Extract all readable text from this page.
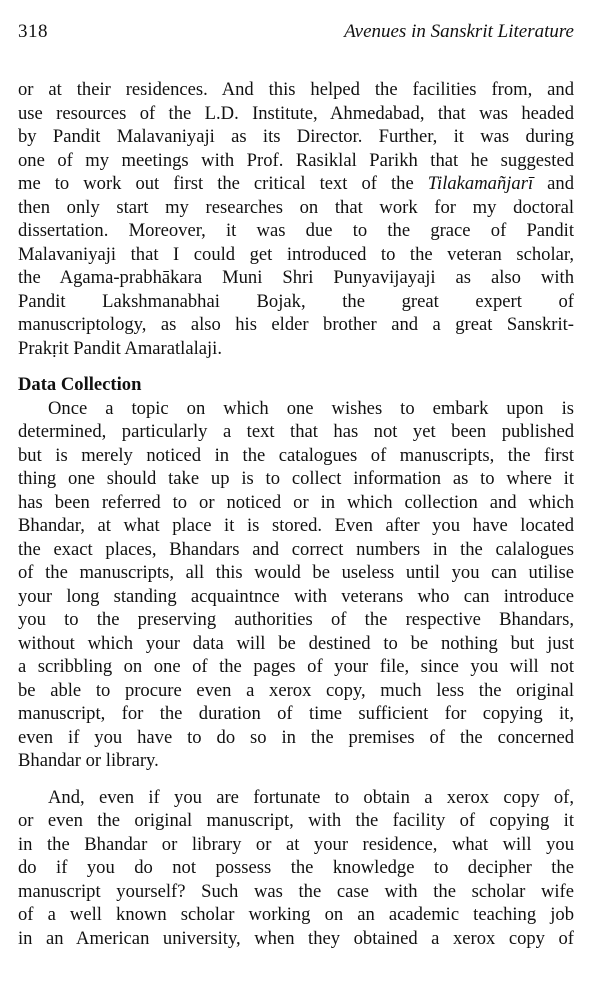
318	Avenues in Sanskrit Literature
or at their residences. And this helped the facilities from, and
use resources of the L.D. Institute, Ahmedabad, that was headed
by Pandit Malavaniyaji as its Director. Further, it was during
one of my meetings with Prof. Rasiklal Parikh that he suggested
me to work out first the critical text of the Tilakamañjarī and
then only start my researches on that work for my doctoral
dissertation. Moreover, it was due to the grace of Pandit
Malavaniyaji that I could get introduced to the veteran scholar,
the Agama-prabhākara Muni Shri Punyavijayaji as also with
Pandit Lakshmanabhai Bojak, the great expert of
manuscriptology, as also his elder brother and a great Sanskrit-
Prakṛit Pandit Amaratlalaji.
Data Collection
Once a topic on which one wishes to embark upon is
determined, particularly a text that has not yet been published
but is merely noticed in the catalogues of manuscripts, the first
thing one should take up is to collect information as to where it
has been referred to or noticed or in which collection and which
Bhandar, at what place it is stored. Even after you have located
the exact places, Bhandars and correct numbers in the calalogues
of the manuscripts, all this would be useless until you can utilise
your long standing acquaintnce with veterans who can introduce
you to the preserving authorities of the respective Bhandars,
without which your data will be destined to be nothing but just
a scribbling on one of the pages of your file, since you will not
be able to procure even a xerox copy, much less the original
manuscript, for the duration of time sufficient for copying it,
even if you have to do so in the premises of the concerned
Bhandar or library.
And, even if you are fortunate to obtain a xerox copy of,
or even the original manuscript, with the facility of copying it
in the Bhandar or library or at your residence, what will you
do if you do not possess the knowledge to decipher the
manuscript yourself? Such was the case with the scholar wife
of a well known scholar working on an academic teaching job
in an American university, when they obtained a xerox copy of
